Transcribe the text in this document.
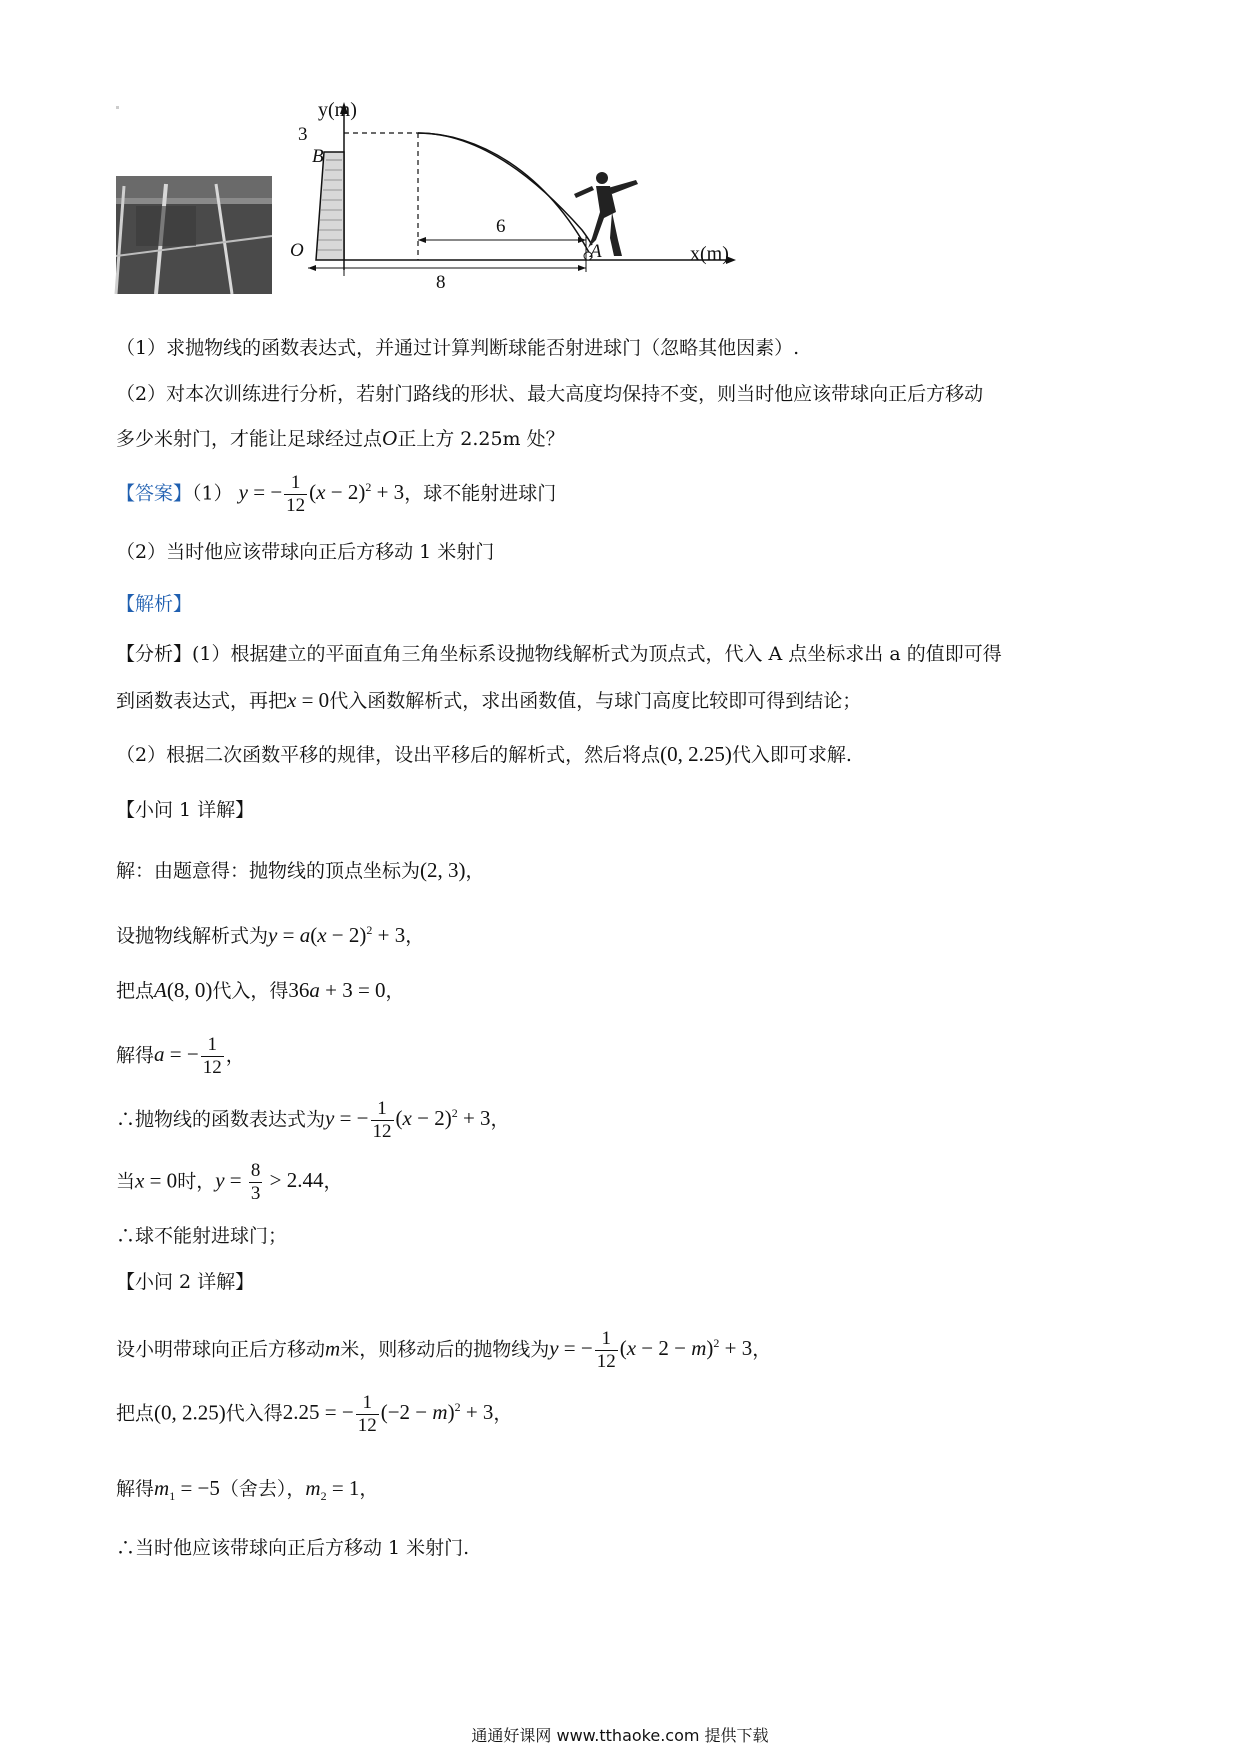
y(m)
3
B
O	A	x(m)
6
8
（1）求抛物线的函数表达式，并通过计算判断球能否射进球门（忽略其他因素）.
（2）对本次训练进行分析，若射门路线的形状、最大高度均保持不变，则当时他应该带球向正后方移动
多少米射门，才能让足球经过点O正上方 2.25m 处？
【答案】（1） y = − $\frac{1}{12} (x - 2)^2 + 3$，球不能射进球门
（2）当时他应该带球向正后方移动 1 米射门
【解析】
【分析】(1）根据建立的平面直角三角坐标系设抛物线解析式为顶点式，代入 A 点坐标求出 a 的值即可得
到函数表达式，再把x = 0代入函数解析式，求出函数值，与球门高度比较即可得到结论；
（2）根据二次函数平移的规律，设出平移后的解析式，然后将点(0, 2.25)代入即可求解.
【小问 1 详解】
解：由题意得：抛物线的顶点坐标为(2, 3)，
设抛物线解析式为$y = a(x - 2)^2 + 3$，
把点A(8, 0)代入，得36a + 3 = 0，
解得a = − $\frac{1}{12}$ ，
∴抛物线的函数表达式为y = − $\frac{1}{12} (x - 2)^2 + 3$，
当x = 0时，$y = \frac{8}{3} > 2.44$，
∴球不能射进球门；
【小问 2 详解】
设小明带球向正后方移动m米，则移动后的抛物线为y = − $\frac{1}{12} (x - 2 - m)^2 + 3$，
把点(0, 2.25)代入得2.25 = − $\frac{1}{12} (-2 - m)^2 + 3$，
解得$m_1 = -5$（舍去），$m_2 = 1$，
∴当时他应该带球向正后方移动 1 米射门.
通通好课网 www.tthaoke.com 提供下载
